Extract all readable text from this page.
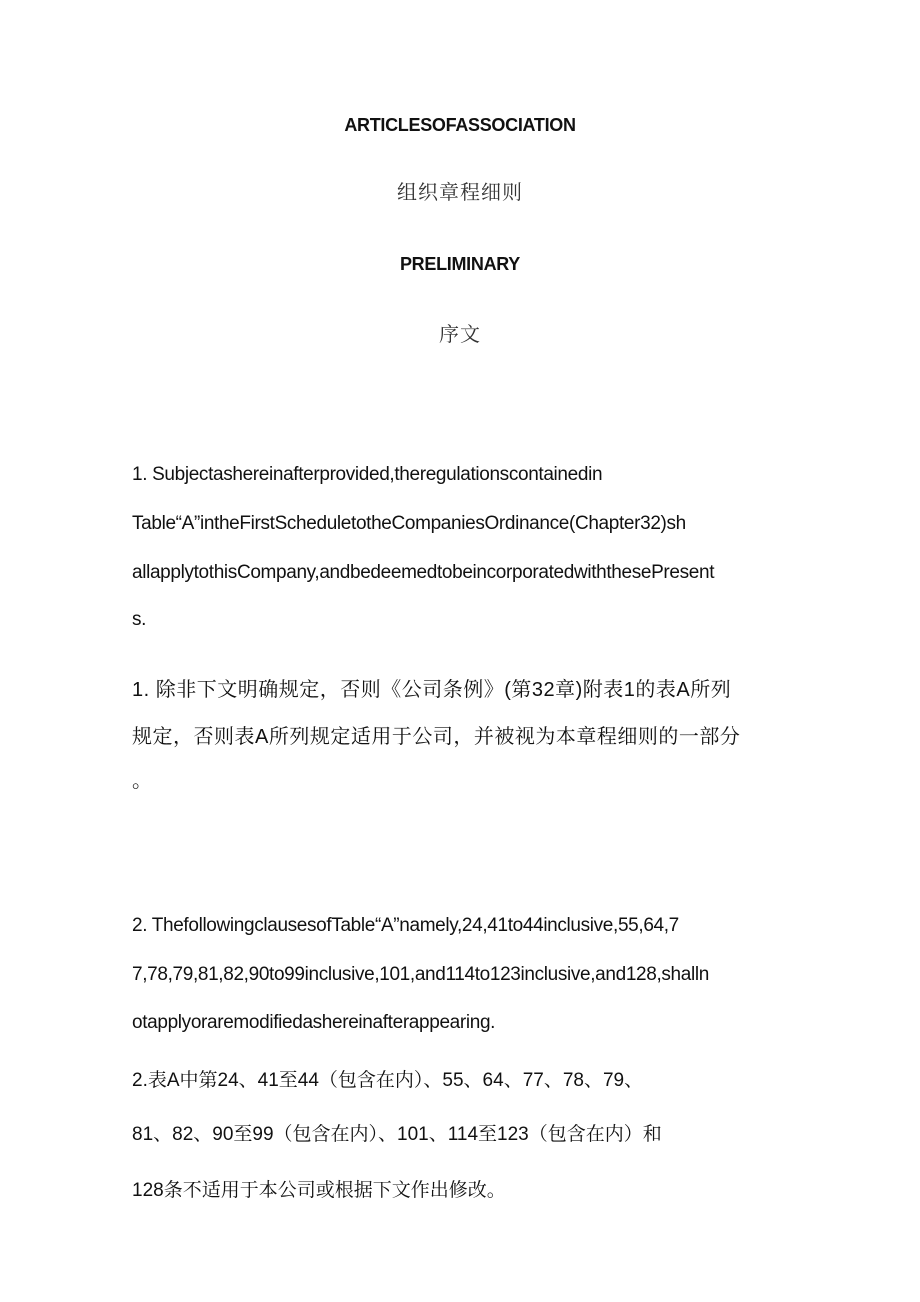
ARTICLESOFASSOCIATION
组织章程细则
PRELIMINARY
序文
1. Subjectashereinafterprovided,theregulationscontainedin
Table“A”intheFirstScheduletotheCompaniesOrdinance(Chapter32)sh
allapplytothisCompany,andbedeemedtobeincorporatedwiththesePresent
s.
1. 除非下文明确规定，否则《公司条例》(第32章)附表1的表A所列
规定，否则表A所列规定适用于公司，并被视为本章程细则的一部分
。
2. ThefollowingclausesofTable“A”namely,24,41to44inclusive,55,64,7
7,78,79,81,82,90to99inclusive,101,and114to123inclusive,and128,shalln
otapplyoraremodifiedashereinafterappearing.
2.表A中第24、41至44（包含在内）、55、64、77、78、79、
81、82、90至99（包含在内）、101、114至123（包含在内）和
128条不适用于本公司或根据下文作出修改。
